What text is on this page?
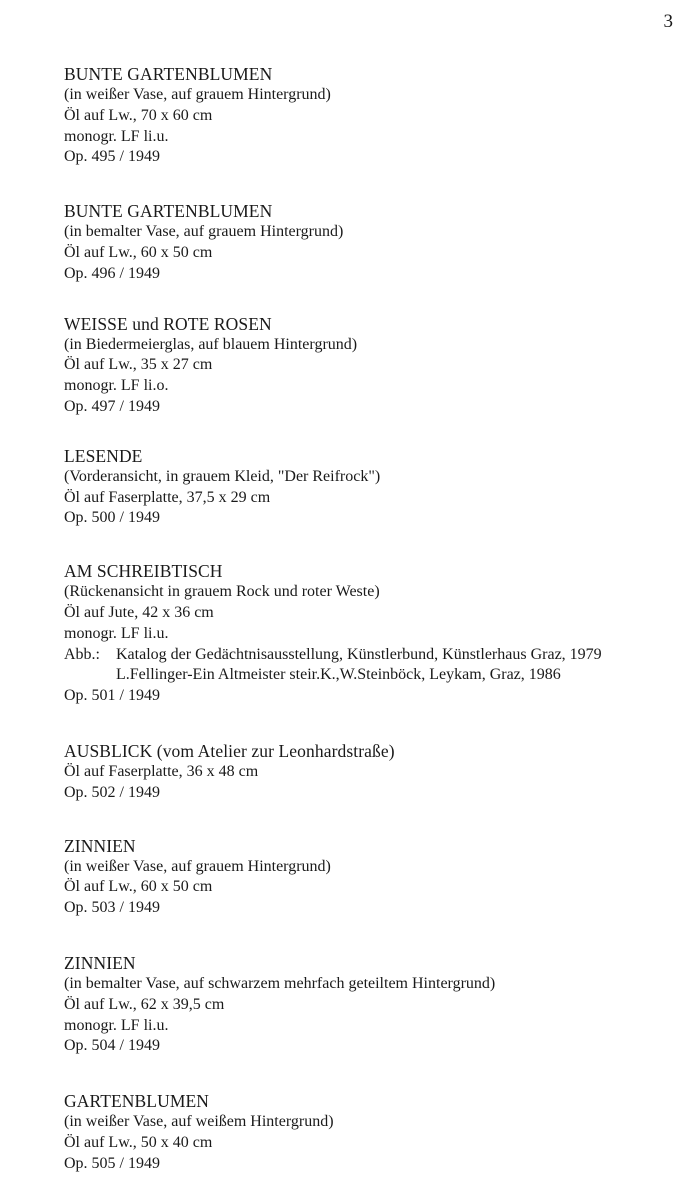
3
BUNTE GARTENBLUMEN
(in weißer Vase, auf grauem Hintergrund)
Öl auf Lw., 70 x 60 cm
monogr. LF li.u.
Op. 495 / 1949
BUNTE GARTENBLUMEN
(in bemalter Vase, auf grauem Hintergrund)
Öl auf Lw., 60 x 50 cm
Op. 496 / 1949
WEISSE und ROTE ROSEN
(in Biedermeierglas, auf blauem Hintergrund)
Öl auf Lw., 35 x 27 cm
monogr. LF li.o.
Op. 497 / 1949
LESENDE
(Vorderansicht, in grauem Kleid, "Der Reifrock")
Öl auf Faserplatte, 37,5 x 29 cm
Op. 500 / 1949
AM SCHREIBTISCH
(Rückenansicht in grauem Rock und roter Weste)
Öl auf Jute, 42 x 36 cm
monogr. LF li.u.
Abb.:	Katalog der Gedächtnisausstellung, Künstlerbund, Künstlerhaus Graz, 1979
L.Fellinger-Ein Altmeister steir.K.,W.Steinböck, Leykam, Graz, 1986
Op. 501 / 1949
AUSBLICK (vom Atelier zur Leonhardstraße)
Öl auf Faserplatte, 36 x 48 cm
Op. 502 / 1949
ZINNIEN
(in weißer Vase, auf grauem Hintergrund)
Öl auf Lw., 60 x 50 cm
Op. 503 / 1949
ZINNIEN
(in bemalter Vase, auf schwarzem mehrfach geteiltem Hintergrund)
Öl auf Lw., 62 x 39,5 cm
monogr. LF li.u.
Op. 504 / 1949
GARTENBLUMEN
(in weißer Vase, auf weißem Hintergrund)
Öl auf Lw., 50 x 40 cm
Op. 505 / 1949
